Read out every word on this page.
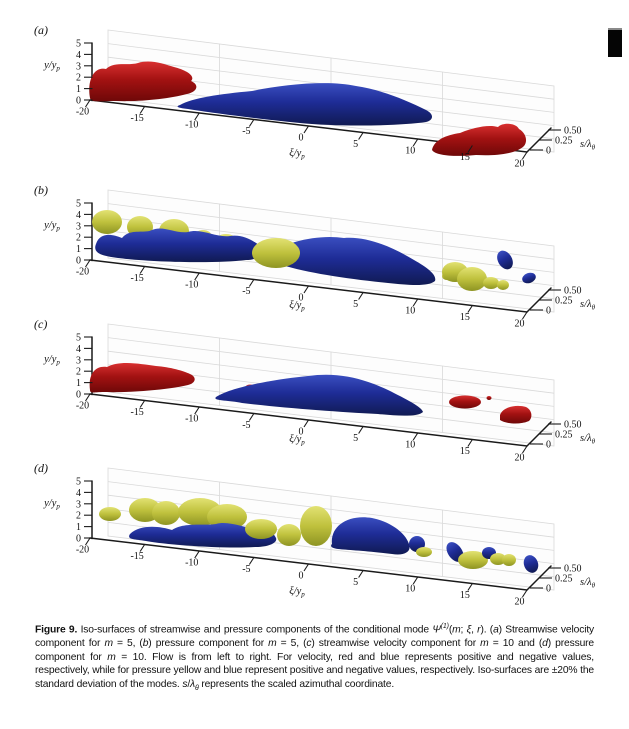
(a)
5
4
3
2
1
0
$y/y_p$
-20
-15
-10
-5
0
5
10
15
20
$\xi/y_p$	0
0.25
0.50
$s/\lambda_\theta$
(b)
5
4
3
2
1
0
$y/y_p$
-20
-15
-10
-5
0
5
10
15
20
$\xi/y_p$	0
0.25
0.50
$s/\lambda_\theta$
(c)
5
4
3
2
1
0
$y/y_p$
-20
-15
-10
-5
0
5
10
15
20
$\xi/y_p$	0
0.25
0.50
$s/\lambda_\theta$
(d)
5
4
3
2
1
0
$y/y_p$
-20
-15
-10
-5
0
5
10
15
20
$\xi/y_p$	0
0.25
0.50
$s/\lambda_\theta$

Figure 9. Iso-surfaces of streamwise and pressure components of the conditional mode $\Psi^{(1)}(m$; ξ, r). (a) Streamwise velocity component for m = 5, (b) pressure component for m = 5, (c) streamwise velocity component for m = 10 and (d) pressure component for m = 10. Flow is from left to right. For velocity, red and blue represents positive and negative values, respectively, while for pressure yellow and blue represent positive and negative values, respectively. Iso-surfaces are ±20% the standard deviation of the modes. $s/\lambda_\theta$ represents the scaled azimuthal coordinate.
